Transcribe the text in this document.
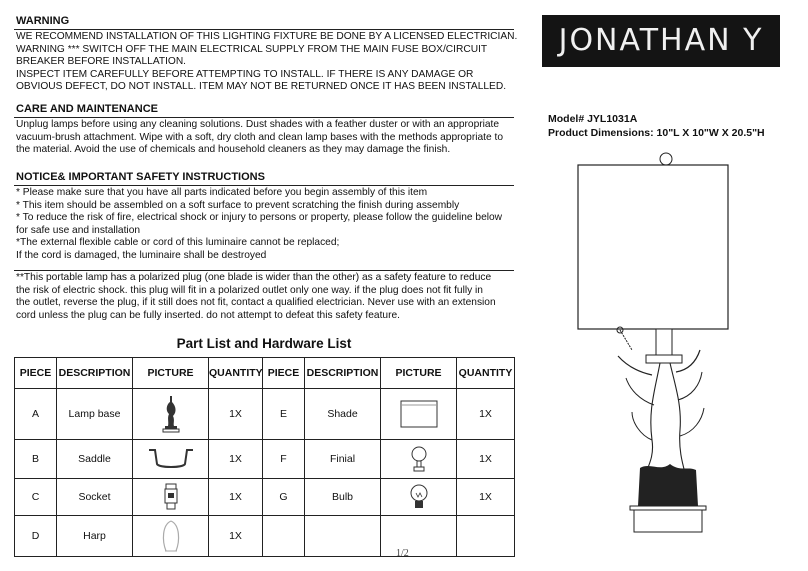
WARNING
WE RECOMMEND INSTALLATION OF THIS LIGHTING FIXTURE BE DONE BY A LICENSED ELECTRICIAN.
WARNING *** SWITCH OFF THE MAIN ELECTRICAL SUPPLY FROM THE MAIN FUSE BOX/CIRCUIT
BREAKER BEFORE INSTALLATION.
INSPECT ITEM CAREFULLY BEFORE ATTEMPTING TO INSTALL. IF THERE IS ANY DAMAGE OR
OBVIOUS DEFECT, DO NOT INSTALL. ITEM MAY NOT BE RETURNED ONCE IT HAS BEEN INSTALLED.
CARE AND MAINTENANCE
Unplug lamps before using any cleaning solutions. Dust shades with a feather duster or with an appropriate
vacuum-brush attachment. Wipe with a soft, dry cloth and clean lamp bases with the methods appropriate to
the material. Avoid the use of chemicals and household cleaners as they may damage the finish.
NOTICE& IMPORTANT SAFETY INSTRUCTIONS
* Please make sure that you have all parts indicated before you begin assembly of this item
* This item should be assembled on a soft surface to prevent scratching the finish during assembly
* To reduce the risk of fire, electrical shock or injury to persons or property, please follow the guideline below
for safe use and installation
*The external flexible cable or cord of this luminaire cannot be replaced;
If the cord is damaged, the luminaire shall be destroyed
**This portable lamp has a polarized plug (one blade is wider than the other) as a safety feature to reduce
the risk of electric shock. this plug will fit in a polarized outlet only one way. if the plug does not fit fully in
the outlet, reverse the plug, if it still does not fit, contact a qualified electrician. Never use with an extension
cord unless the plug can be fully inserted. do not attempt to defeat this safety feature.
JONATHAN Y
Model# JYL1031A
Product Dimensions: 10"L X 10"W X 20.5"H
Part List and Hardware List
PIECE	DESCRIPTION	PICTURE	QUANTITY	PIECE	DESCRIPTION	PICTURE	QUANTITY
A	Lamp base		1X	E	Shade		1X
B	Saddle		1X	F	Finial		1X
C	Socket		1X	G	Bulb		1X
D	Harp		1X				
1/2
